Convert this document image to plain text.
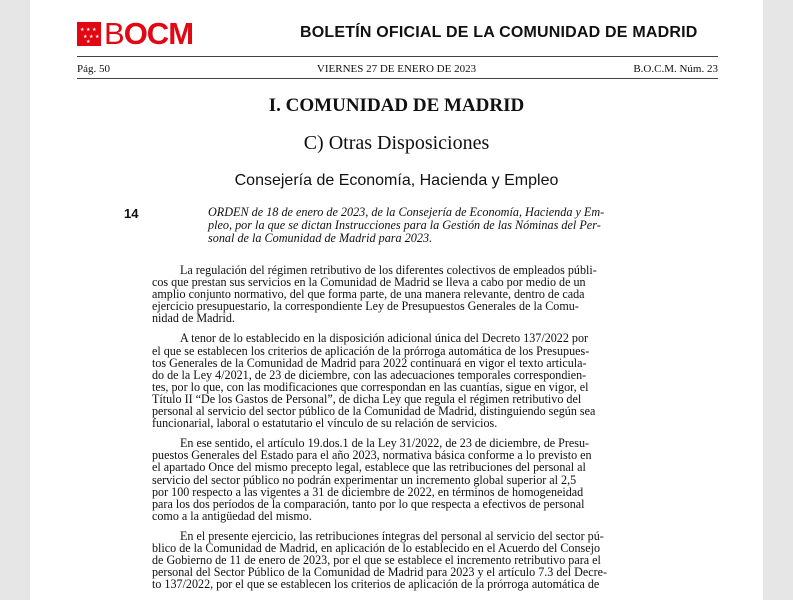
★ ★ ★
★ ★ ★
★ BOCM	BOLETÍN OFICIAL DE LA COMUNIDAD DE MADRID
Pág. 50	VIERNES 27 DE ENERO DE 2023	B.O.C.M. Núm. 23
I. COMUNIDAD DE MADRID
C) Otras Disposiciones
Consejería de Economía, Hacienda y Empleo
14	ORDEN de 18 de enero de 2023, de la Consejería de Economía, Hacienda y Em-
pleo, por la que se dictan Instrucciones para la Gestión de las Nóminas del Per-
sonal de la Comunidad de Madrid para 2023.
La regulación del régimen retributivo de los diferentes colectivos de empleados públi-
cos que prestan sus servicios en la Comunidad de Madrid se lleva a cabo por medio de un
amplio conjunto normativo, del que forma parte, de una manera relevante, dentro de cada
ejercicio presupuestario, la correspondiente Ley de Presupuestos Generales de la Comu-
nidad de Madrid.
A tenor de lo establecido en la disposición adicional única del Decreto 137/2022 por
el que se establecen los criterios de aplicación de la prórroga automática de los Presupues-
tos Generales de la Comunidad de Madrid para 2022 continuará en vigor el texto articula-
do de la Ley 4/2021, de 23 de diciembre, con las adecuaciones temporales correspondien-
tes, por lo que, con las modificaciones que correspondan en las cuantías, sigue en vigor, el
Título II “De los Gastos de Personal”, de dicha Ley que regula el régimen retributivo del
personal al servicio del sector público de la Comunidad de Madrid, distinguiendo según sea
funcionarial, laboral o estatutario el vínculo de su relación de servicios.
En ese sentido, el artículo 19.dos.1 de la Ley 31/2022, de 23 de diciembre, de Presu-
puestos Generales del Estado para el año 2023, normativa básica conforme a lo previsto en
el apartado Once del mismo precepto legal, establece que las retribuciones del personal al
servicio del sector público no podrán experimentar un incremento global superior al 2,5
por 100 respecto a las vigentes a 31 de diciembre de 2022, en términos de homogeneidad
para los dos períodos de la comparación, tanto por lo que respecta a efectivos de personal
como a la antigüedad del mismo.
En el presente ejercicio, las retribuciones íntegras del personal al servicio del sector pú-
blico de la Comunidad de Madrid, en aplicación de lo establecido en el Acuerdo del Consejo
de Gobierno de 11 de enero de 2023, por el que se establece el incremento retributivo para el
personal del Sector Público de la Comunidad de Madrid para 2023 y el artículo 7.3 del Decre-
to 137/2022, por el que se establecen los criterios de aplicación de la prórroga automática de
